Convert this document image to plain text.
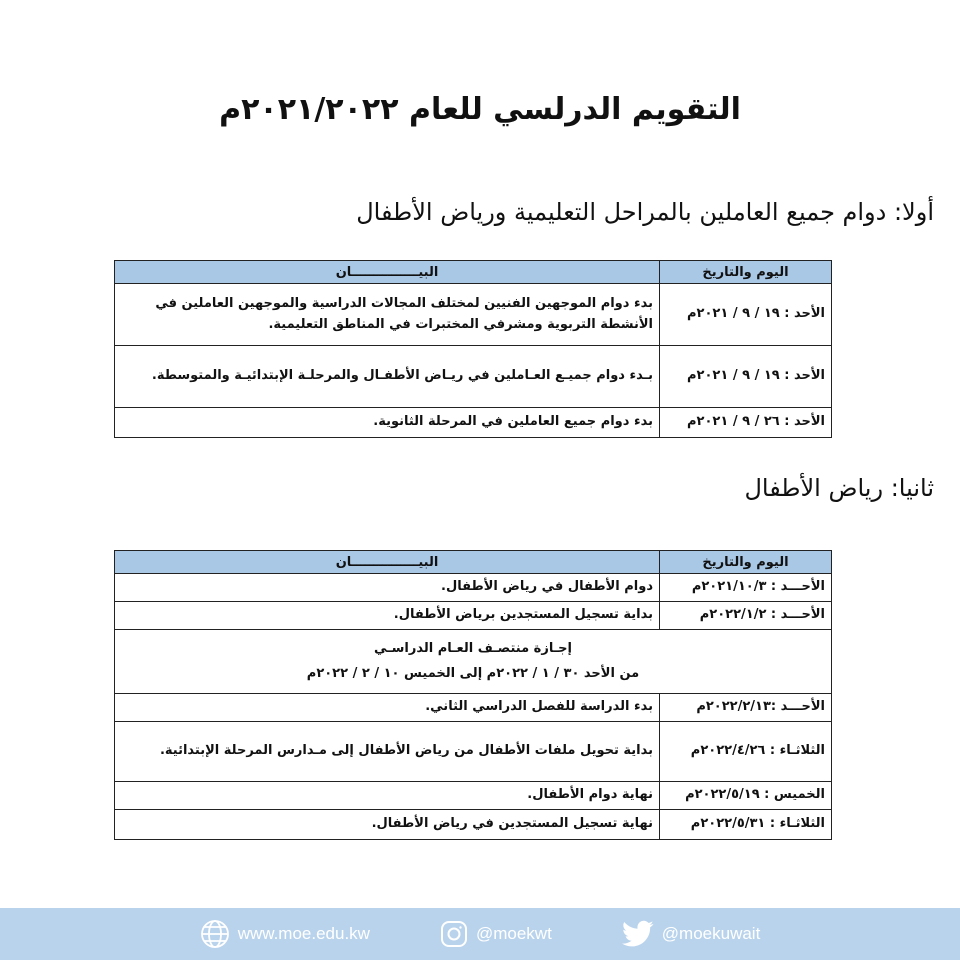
التقويم الدرلسي للعام ٢٠٢١/٢٠٢٢م
أولا: دوام جميع العاملين بالمراحل التعليمية ورياض الأطفال
اليوم والتاريخ	البيـــــــــــــــان
الأحد : ١٩ / ٩ / ٢٠٢١م	بدء دوام الموجهين الفنيين لمختلف المجالات الدراسية والموجهين العاملين في الأنشطة التربوية ومشرفي المختبرات في المناطق التعليمية.
الأحد : ١٩ / ٩ / ٢٠٢١م	بـدء دوام جميـع العـاملين في ريـاض الأطفـال والمرحلـة الإبتدائيـة والمتوسطة.
الأحد : ٢٦ / ٩ / ٢٠٢١م	بدء دوام جميع العاملين في المرحلة الثانوية.
ثانيا: رياض الأطفال
اليوم والتاريخ	البيـــــــــــــــان
الأحـــد : ٢٠٢١/١٠/٣م	دوام الأطفال في رياض الأطفال.
الأحـــد : ٢٠٢٢/١/٢م	بداية تسجيل المستجدين برياض الأطفال.

إجـازة منتصـف العـام الدراسـي
من الأحد ٣٠ / ١ / ٢٠٢٢م إلى الخميس ١٠ / ٢ / ٢٠٢٢م	

الأحـــد :٢٠٢٢/٢/١٣م	بدء الدراسة للفصل الدراسي الثاني.
الثلاثـاء : ٢٠٢٢/٤/٢٦م	بداية تحويل ملفات الأطفال من رياض الأطفال إلى مـدارس المرحلة الإبتدائية.
الخميس : ٢٠٢٢/٥/١٩م	نهاية دوام الأطفال.
الثلاثـاء : ٢٠٢٢/٥/٣١م	نهاية تسجيل المستجدين في رياض الأطفال.
www.moe.edu.kw	@moekwt	@moekuwait
